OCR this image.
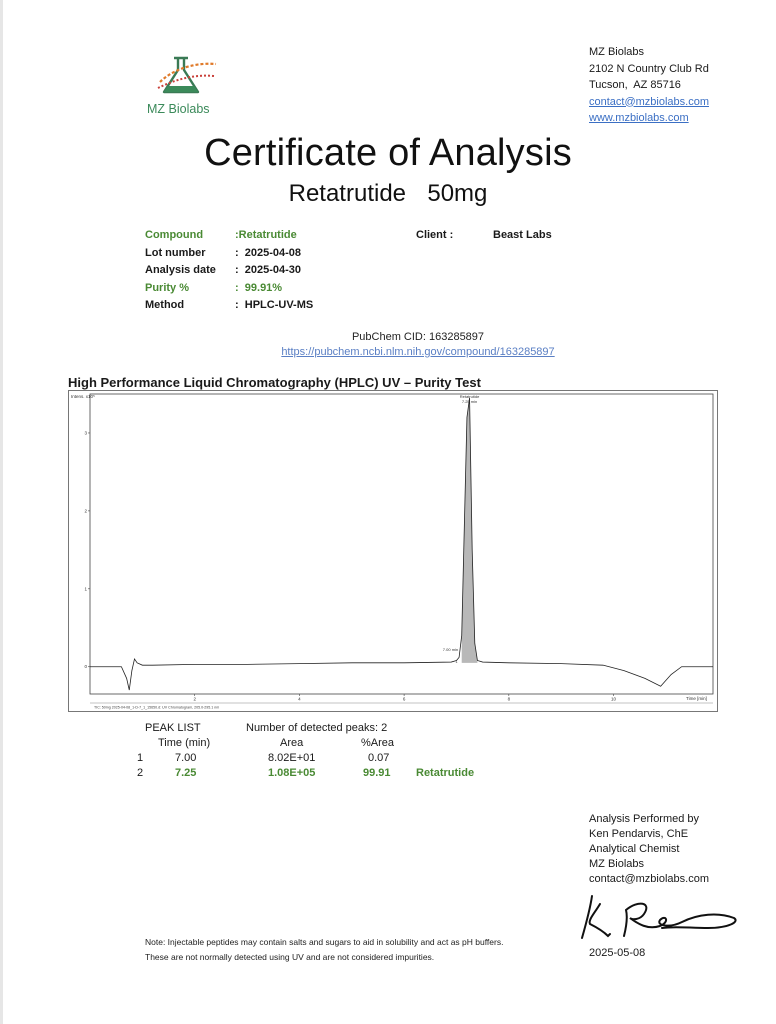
MZ Biolabs
MZ Biolabs
2102 N Country Club Rd
Tucson,  AZ 85716
contact@mzbiolabs.com
www.mzbiolabs.com
Certificate of Analysis
Retatrutide  50mg
Compound	:Retatrutide
Lot number	:  2025-04-08
Analysis date	:  2025-04-30
Purity %	:  99.91%
Method	:  HPLC-UV-MS
Client :	Beast Labs
PubChem CID: 163285897
https://pubchem.ncbi.nlm.nih.gov/compound/163285897
High Performance Liquid Chromatography (HPLC) UV – Purity Test
Intens. x10⁵
Time [min]
TIC: 50mg 2025-04-08_1-D-7_1_15650.d: UV Chromatogram, 205.0-295.1 nm
2	4	6	8	10
1
2
3
0
Retatrutide
7.25 min
7.00 min
1
PEAK LIST	Number of detected peaks: 2
Time (min)	Area	%Area
1	7.00	8.02E+01	0.07
2	7.25	1.08E+05	99.91 Retatrutide
Analysis Performed by
Ken Pendarvis, ChE
Analytical Chemist
MZ Biolabs
contact@mzbiolabs.com
2025-05-08
Note: Injectable peptides may contain salts and sugars to aid in solubility and act as pH buffers.
These are not normally detected using UV and are not considered impurities.
